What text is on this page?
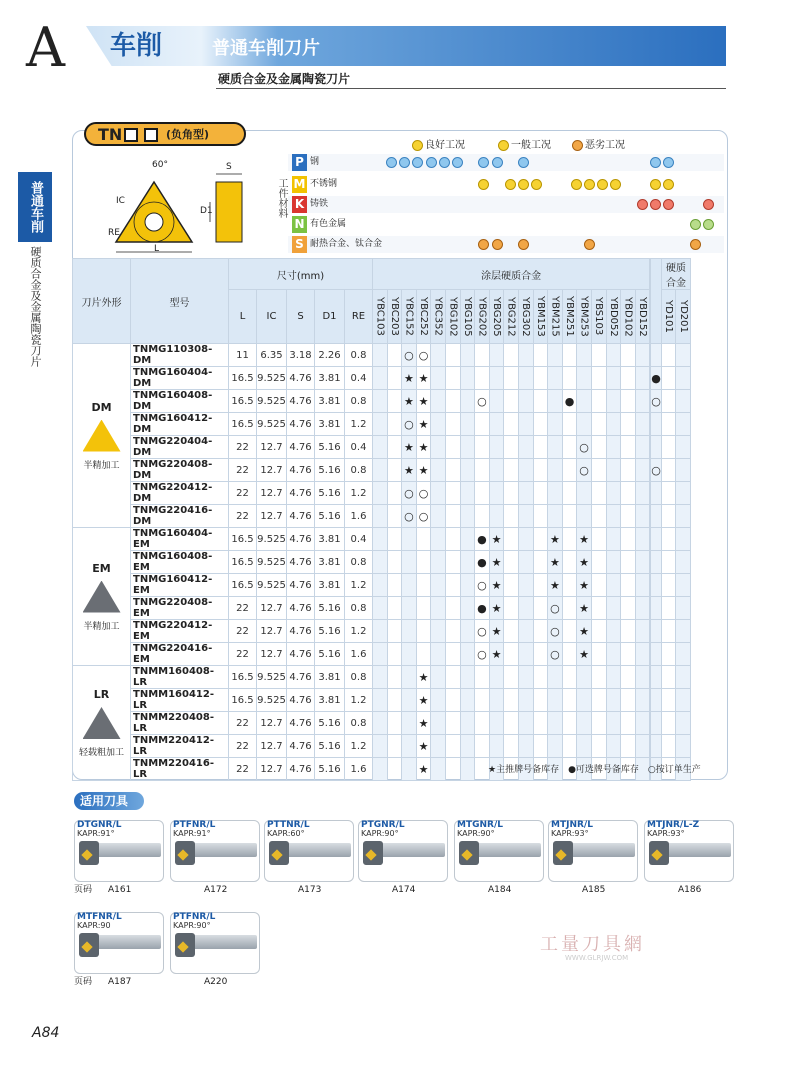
A 车削	普通车削刀片
硬质合金及金属陶瓷刀片
普通车削
硬质合金及金属陶瓷刀片
TN	(负角型)
60°	S
IC
RE
L
D1
良好工况	一般工况	恶劣工况
工件材料
P 钢
M 不锈钢
K 铸铁
N 有色金属
S 耐热合金、钛合金
刀片外形	型号	尺寸(mm)					涂层硬质合金																				硬质合金	
		L	IC	S	D1	RE	YBC103	YBC203	YBC152	YBC252	YBC352	YBG102	YBG105	YBG202	YBG205	YBG212	YBG302	YBM153	YBM215	YBM251	YBM253	YBS103	YBD052	YBD102	YBD152		YD101	YD201

DM
半精加工	TNMG110308-DM	11	6.35	3.18	2.26	0.8			○	○																			
	TNMG160404-DM	16.5	9.525	4.76	3.81	0.4			★	★																	●		
	TNMG160408-DM	16.5	9.525	4.76	3.81	0.8			★	★				○						●							○		
	TNMG160412-DM	16.5	9.525	4.76	3.81	1.2			○	★																			
	TNMG220404-DM	22	12.7	4.76	5.16	0.4			★	★											○								
	TNMG220408-DM	22	12.7	4.76	5.16	0.8			★	★											○						○		
	TNMG220412-DM	22	12.7	4.76	5.16	1.2			○	○																			
	TNMG220416-DM	22	12.7	4.76	5.16	1.6			○	○																			

EM
半精加工	TNMG160404-EM	16.5	9.525	4.76	3.81	0.4								●	★				★		★								
	TNMG160408-EM	16.5	9.525	4.76	3.81	0.8								●	★				★		★								
	TNMG160412-EM	16.5	9.525	4.76	3.81	1.2								○	★				★		★								
	TNMG220408-EM	22	12.7	4.76	5.16	0.8								●	★				○		★								
	TNMG220412-EM	22	12.7	4.76	5.16	1.2								○	★				○		★								
	TNMG220416-EM	22	12.7	4.76	5.16	1.6								○	★				○		★								

LR
轻载粗加工	TNMM160408-LR	16.5	9.525	4.76	3.81	0.8				★																			
	TNMM160412-LR	16.5	9.525	4.76	3.81	1.2				★																			
	TNMM220408-LR	22	12.7	4.76	5.16	0.8				★																			
	TNMM220412-LR	22	12.7	4.76	5.16	1.2				★																			
	TNMM220416-LR	22	12.7	4.76	5.16	1.6				★																				★主推牌号备库存　●可选牌号备库存　○按订单生产
适用刀具
DTGNR/L
KAPR:91°
页码 A161
PTFNR/L
KAPR:91°
A172
PTTNR/L
KAPR:60°
A173
PTGNR/L
KAPR:90°
A174
MTGNR/L
KAPR:90°
A184
MTJNR/L
KAPR:93°
A185
MTJNR/L-Z
KAPR:93°
A186
MTFNR/L
KAPR:90
页码 A187
PTFNR/L
KAPR:90°
A220
工量刀具網
WWW.GLRJW.COM
A84
